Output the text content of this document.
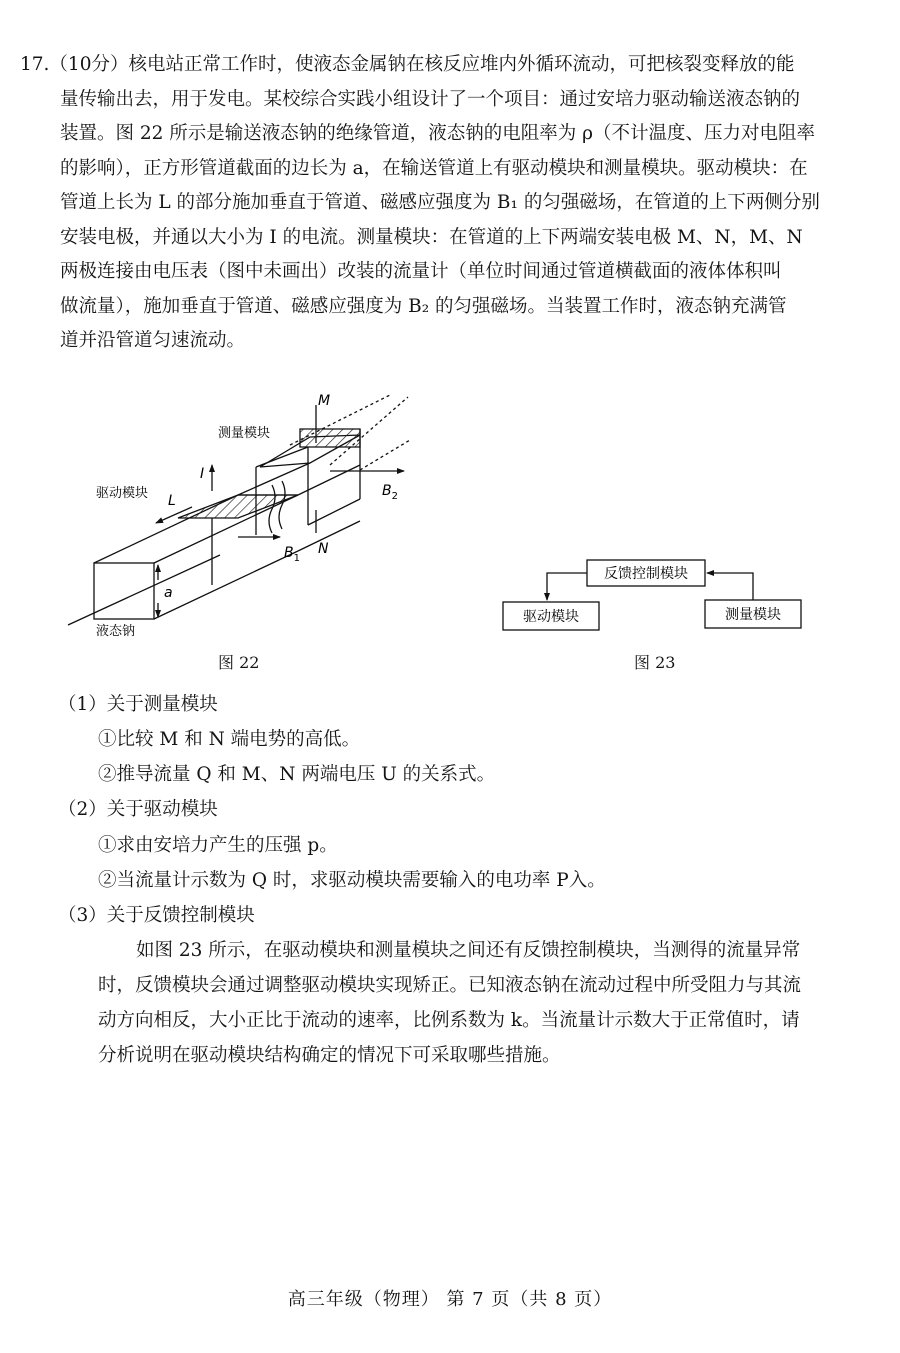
17.（10分）核电站正常工作时，使液态金属钠在核反应堆内外循环流动，可把核裂变释放的能
量传输出去，用于发电。某校综合实践小组设计了一个项目：通过安培力驱动输送液态钠的
装置。图 22 所示是输送液态钠的绝缘管道，液态钠的电阻率为 ρ（不计温度、压力对电阻率
的影响），正方形管道截面的边长为 a，在输送管道上有驱动模块和测量模块。驱动模块：在
管道上长为 L 的部分施加垂直于管道、磁感应强度为 B₁ 的匀强磁场，在管道的上下两侧分别
安装电极，并通以大小为 I 的电流。测量模块：在管道的上下两端安装电极 M、N，M、N
两极连接由电压表（图中未画出）改装的流量计（单位时间通过管道横截面的液体体积叫
做流量），施加垂直于管道、磁感应强度为 B₂ 的匀强磁场。当装置工作时，液态钠充满管
道并沿管道匀速流动。
测量模块
驱动模块
液态钠
M
N
I
L
a
$B_1$
$B_2$
图 22
反馈控制模块
驱动模块	测量模块
图 23
（1）关于测量模块
①比较 M 和 N 端电势的高低。
②推导流量 Q 和 M、N 两端电压 U 的关系式。
（2）关于驱动模块
①求由安培力产生的压强 p。
②当流量计示数为 Q 时，求驱动模块需要输入的电功率 P入。
（3）关于反馈控制模块
如图 23 所示，在驱动模块和测量模块之间还有反馈控制模块，当测得的流量异常
时，反馈模块会通过调整驱动模块实现矫正。已知液态钠在流动过程中所受阻力与其流
动方向相反，大小正比于流动的速率，比例系数为 k。当流量计示数大于正常值时，请
分析说明在驱动模块结构确定的情况下可采取哪些措施。
高三年级（物理） 第 7 页（共 8 页）
